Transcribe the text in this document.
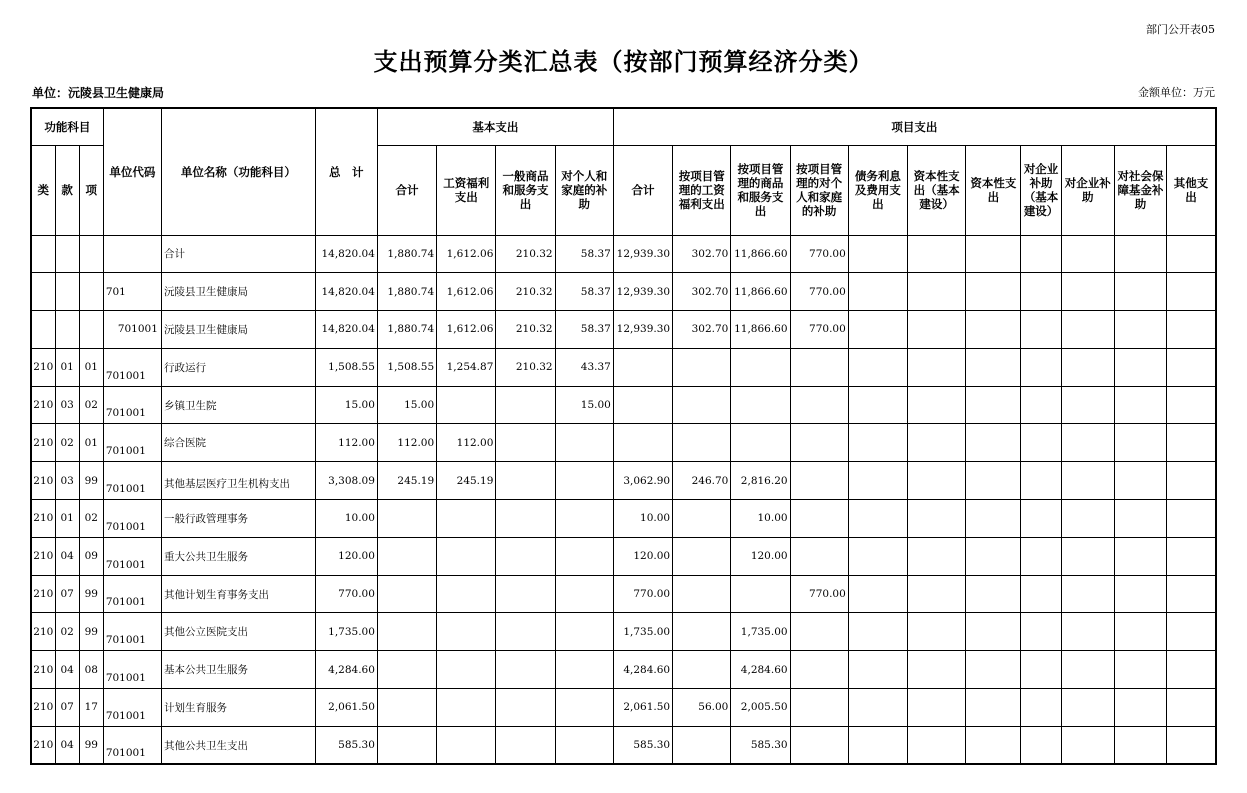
部门公开表05
支出预算分类汇总表（按部门预算经济分类）
单位：沅陵县卫生健康局	金额单位：万元
功能科目			单位代码	单位名称（功能科目）	总　计	基本支出				项目支出										
类	款	项				合计	工资福利支出	一般商品和服务支出	对个人和家庭的补助	合计	按项目管理的工资福利支出	按项目管理的商品和服务支出	按项目管理的对个人和家庭的补助	债务利息及费用支出	资本性支出（基本建设）	资本性支出	对企业补助（基本建设）	对企业补助	对社会保障基金补助	其他支出
				合计	14,820.04	1,880.74	1,612.06	210.32	58.37	12,939.30	302.70	11,866.60	770.00							
			701	沅陵县卫生健康局	14,820.04	1,880.74	1,612.06	210.32	58.37	12,939.30	302.70	11,866.60	770.00							
			701001	沅陵县卫生健康局	14,820.04	1,880.74	1,612.06	210.32	58.37	12,939.30	302.70	11,866.60	770.00							
210	01	01	701001	行政运行	1,508.55	1,508.55	1,254.87	210.32	43.37											
210	03	02	701001	乡镇卫生院	15.00	15.00			15.00											
210	02	01	701001	综合医院	112.00	112.00	112.00													
210	03	99	701001	其他基层医疗卫生机构支出	3,308.09	245.19	245.19			3,062.90	246.70	2,816.20								
210	01	02	701001	一般行政管理事务	10.00					10.00		10.00								
210	04	09	701001	重大公共卫生服务	120.00					120.00		120.00								
210	07	99	701001	其他计划生育事务支出	770.00					770.00			770.00							
210	02	99	701001	其他公立医院支出	1,735.00					1,735.00		1,735.00								
210	04	08	701001	基本公共卫生服务	4,284.60					4,284.60		4,284.60								
210	07	17	701001	计划生育服务	2,061.50					2,061.50	56.00	2,005.50								
210	04	99	701001	其他公共卫生支出	585.30					585.30		585.30								
